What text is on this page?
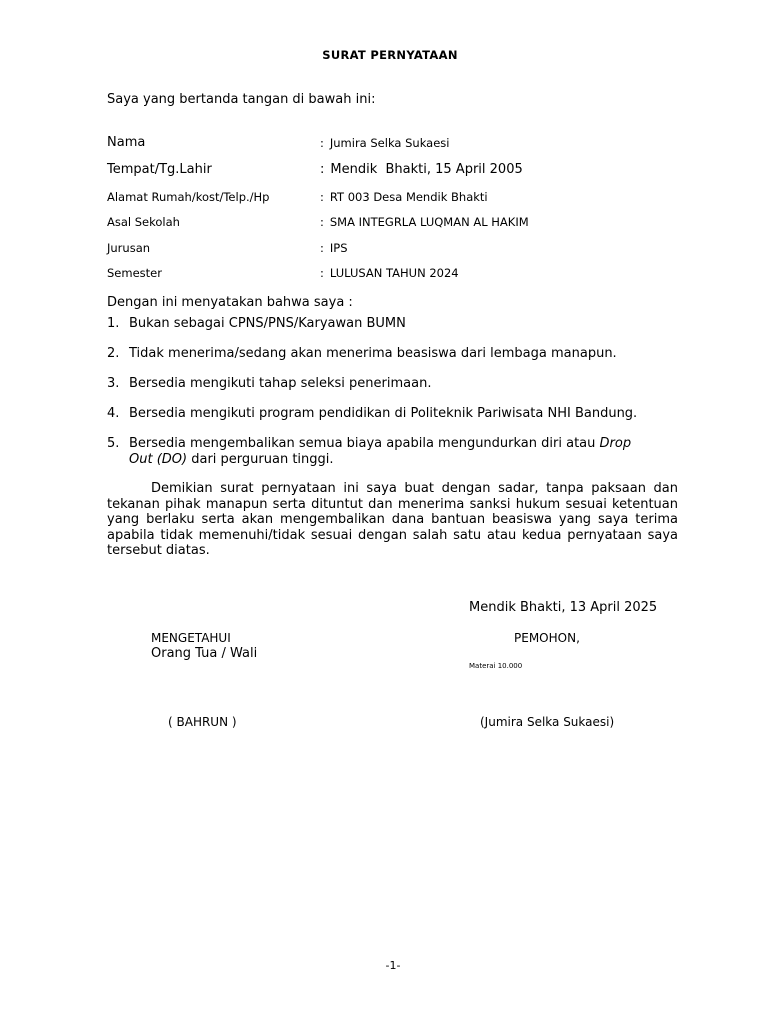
SURAT PERNYATAAN
Saya yang bertanda tangan di bawah ini:
Nama	: Jumira Selka Sukaesi
Tempat/Tg.Lahir	: Mendik  Bhakti, 15 April 2005
Alamat Rumah/kost/Telp./Hp	: RT 003 Desa Mendik Bhakti
Asal Sekolah	: SMA INTEGRLA LUQMAN AL HAKIM
Jurusan	: IPS
Semester	: LULUSAN TAHUN 2024
Dengan ini menyatakan bahwa saya :
1. Bukan sebagai CPNS/PNS/Karyawan BUMN
2. Tidak menerima/sedang akan menerima beasiswa dari lembaga manapun.
3. Bersedia mengikuti tahap seleksi penerimaan.
4. Bersedia mengikuti program pendidikan di Politeknik Pariwisata NHI Bandung.
5. Bersedia mengembalikan semua biaya apabila mengundurkan diri atau Drop
Out (DO) dari perguruan tinggi.
Demikian surat pernyataan ini saya buat dengan sadar, tanpa paksaan dan tekanan pihak manapun serta dituntut dan menerima sanksi hukum sesuai ketentuan yang berlaku serta akan mengembalikan dana bantuan beasiswa yang saya terima apabila tidak memenuhi/tidak sesuai dengan salah satu atau kedua pernyataan saya tersebut diatas.
Mendik Bhakti, 13 April 2025
MENGETAHUI
Orang Tua / Wali
PEMOHON,
Materai 10.000
( BAHRUN )	(Jumira Selka Sukaesi)
-1-
